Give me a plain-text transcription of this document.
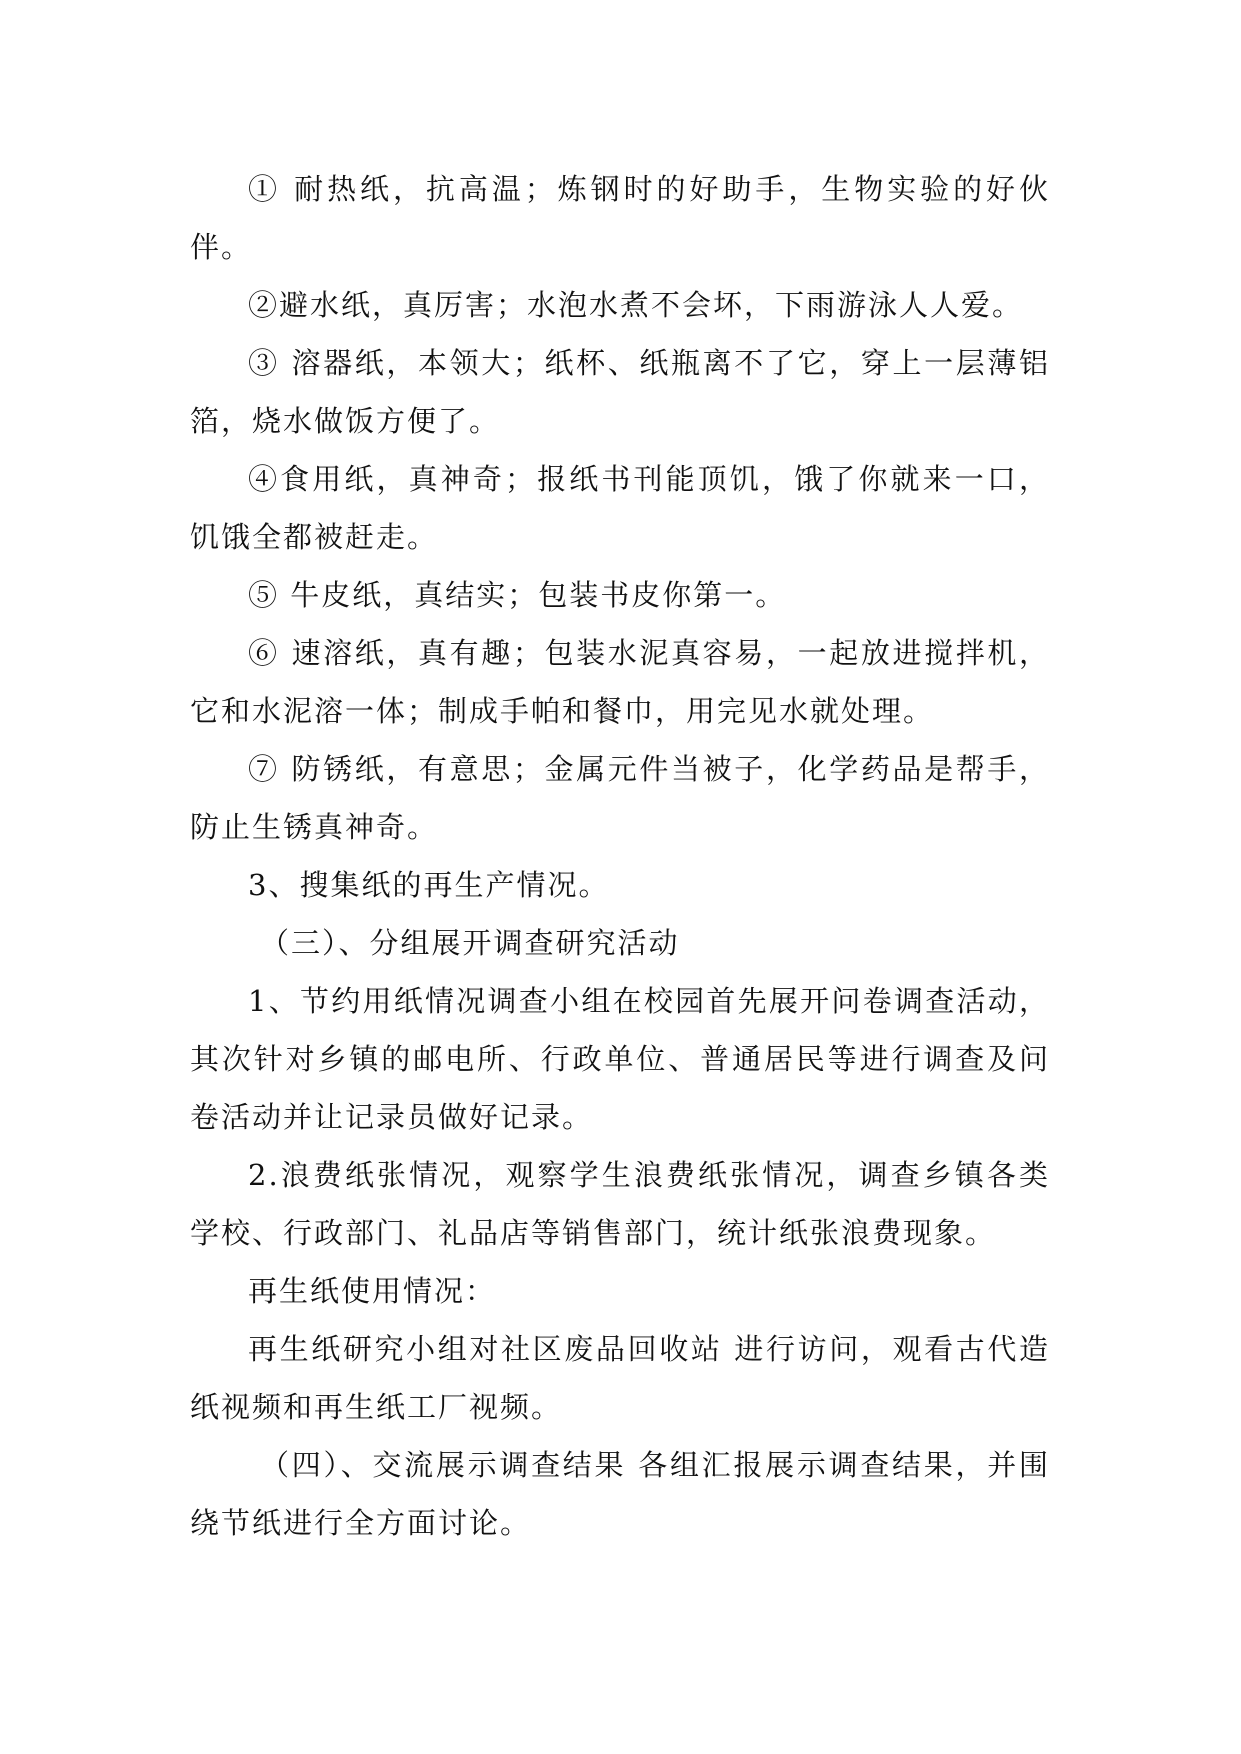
① 耐热纸，抗高温；炼钢时的好助手，生物实验的好伙伴。

②避水纸，真厉害；水泡水煮不会坏，下雨游泳人人爱。

③ 溶器纸，本领大；纸杯、纸瓶离不了它，穿上一层薄铝箔，烧水做饭方便了。

④食用纸，真神奇；报纸书刊能顶饥，饿了你就来一口，饥饿全都被赶走。

⑤ 牛皮纸，真结实；包装书皮你第一。

⑥ 速溶纸，真有趣；包装水泥真容易，一起放进搅拌机，它和水泥溶一体；制成手帕和餐巾，用完见水就处理。

⑦ 防锈纸，有意思；金属元件当被子，化学药品是帮手，防止生锈真神奇。

3、搜集纸的再生产情况。

（三）、分组展开调查研究活动

1、节约用纸情况调查小组在校园首先展开问卷调查活动，其次针对乡镇的邮电所、行政单位、普通居民等进行调查及问卷活动并让记录员做好记录。

2.浪费纸张情况，观察学生浪费纸张情况，调查乡镇各类学校、行政部门、礼品店等销售部门，统计纸张浪费现象。

再生纸使用情况：

再生纸研究小组对社区废品回收站 进行访问，观看古代造纸视频和再生纸工厂视频。

（四）、交流展示调查结果 各组汇报展示调查结果，并围绕节纸进行全方面讨论。
